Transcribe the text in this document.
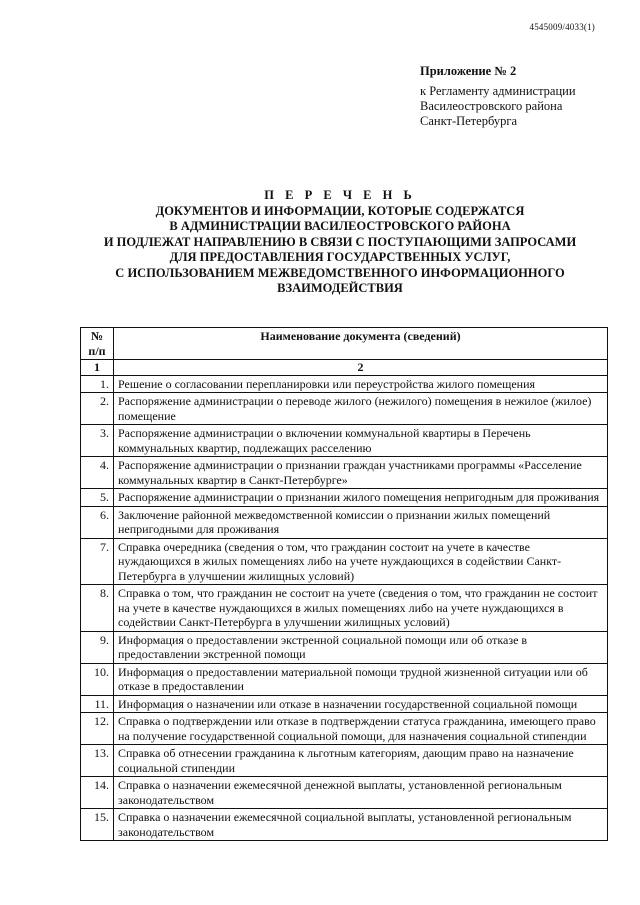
4545009/4033(1)
Приложение № 2
к Регламенту администрации
Василеостровского района
Санкт-Петербурга
П Е Р Е Ч Е Н Ь
ДОКУМЕНТОВ И ИНФОРМАЦИИ, КОТОРЫЕ СОДЕРЖАТСЯ
В АДМИНИСТРАЦИИ ВАСИЛЕОСТРОВСКОГО РАЙОНА
И ПОДЛЕЖАТ НАПРАВЛЕНИЮ В СВЯЗИ С ПОСТУПАЮЩИМИ ЗАПРОСАМИ
ДЛЯ ПРЕДОСТАВЛЕНИЯ ГОСУДАРСТВЕННЫХ УСЛУГ,
С ИСПОЛЬЗОВАНИЕМ МЕЖВЕДОМСТВЕННОГО ИНФОРМАЦИОННОГО
ВЗАИМОДЕЙСТВИЯ
№ п/п	Наименование документа (сведений)
1	2
1.	Решение о согласовании перепланировки или переустройства жилого помещения
2.	Распоряжение администрации о переводе жилого (нежилого) помещения в нежилое (жилое) помещение
3.	Распоряжение администрации о включении коммунальной квартиры в Перечень коммунальных квартир, подлежащих расселению
4.	Распоряжение администрации о признании граждан участниками программы «Расселение коммунальных квартир в Санкт-Петербурге»
5.	Распоряжение администрации о признании жилого помещения непригодным для проживания
6.	Заключение районной межведомственной комиссии о признании жилых помещений непригодными для проживания
7.	Справка очередника (сведения о том, что гражданин состоит на учете в качестве нуждающихся в жилых помещениях либо на учете нуждающихся в содействии Санкт-Петербурга в улучшении жилищных условий)
8.	Справка о том, что гражданин не состоит на учете (сведения о том, что гражданин не состоит на учете в качестве нуждающихся в жилых помещениях либо на учете нуждающихся в содействии Санкт-Петербурга в улучшении жилищных условий)
9.	Информация о предоставлении экстренной социальной помощи или об отказе в предоставлении экстренной помощи
10.	Информация о предоставлении материальной помощи трудной жизненной ситуации или об отказе в предоставлении
11.	Информация о назначении или отказе в назначении государственной социальной помощи
12.	Справка о подтверждении или отказе в подтверждении статуса гражданина, имеющего право на получение государственной социальной помощи, для назначения социальной стипендии
13.	Справка об отнесении гражданина к льготным категориям, дающим право на назначение социальной стипендии
14.	Справка о назначении ежемесячной денежной выплаты, установленной региональным законодательством
15.	Справка о назначении ежемесячной социальной выплаты, установленной региональным законодательством
